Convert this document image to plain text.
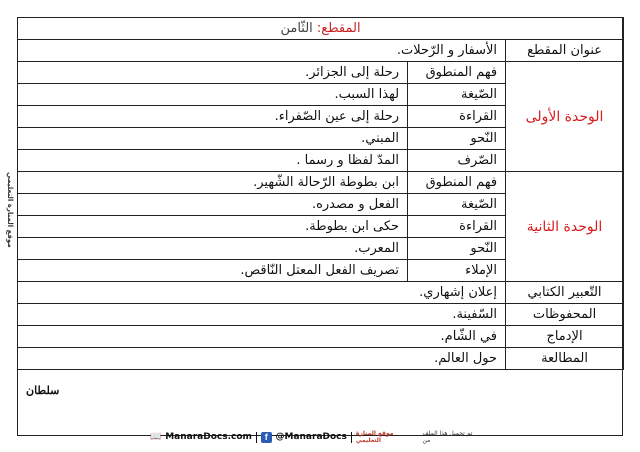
المقطع: الثّامن		
عنوان المقطع	الأسفار و الرّحلات.	
الوحدة الأولى	فهم المنطوق	رحلة إلى الجزائر.
	الصّيغة	لهذا السبب.
	القراءة	رحلة إلى عين الصّفراء.
	النّحو	المبني.
	الصّرف	المدّ لفظا و رسما .
الوحدة الثانية	فهم المنطوق	ابن بطوطة الرّحالة الشّهير.
	الصّيغة	الفعل و مصدره.
	القراءة	حكى ابن بطوطة.
	النّحو	المعرب.
	الإملاء	تصريف الفعل المعتل النّاقص.
التّعبير الكتابي	إعلان إشهاري.	
المحفوظات	السّفينة.	
الإدماج	في الشّام.	
المطالعة	حول العالم.	
موقع المنارة التعليمي
سلطان
📖 ManaraDocs.com	f @ManaraDocs موقع المنارة التعليمي
تم تحميل هذا الملف من
